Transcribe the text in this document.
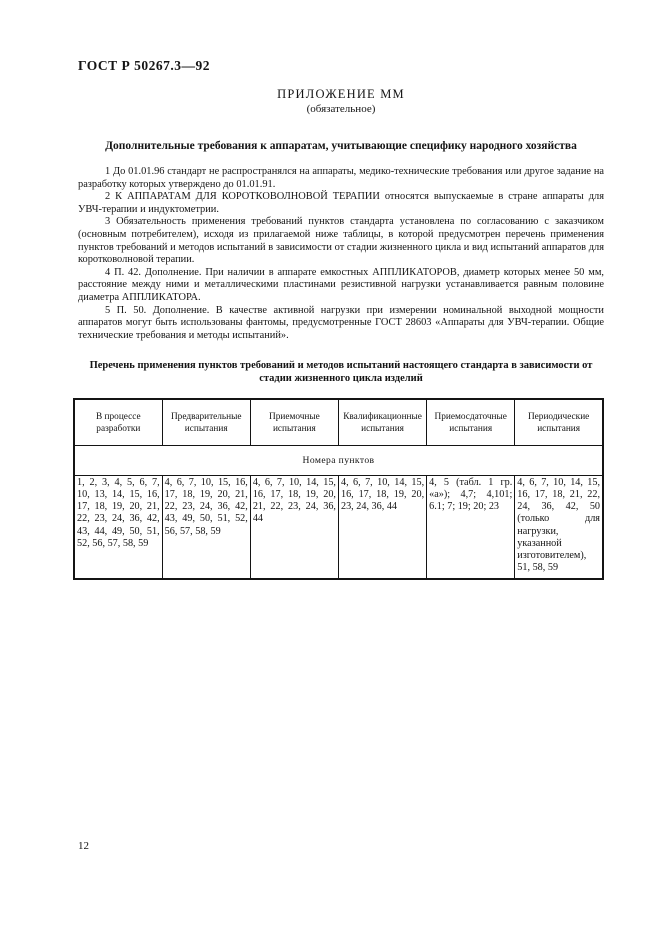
ГОСТ Р 50267.3—92
ПРИЛОЖЕНИЕ ММ
(обязательное)
Дополнительные требования к аппаратам, учитывающие специфику народного хозяйства

1 До 01.01.96 стандарт не распространялся на аппараты, медико-технические требования или другое задание на разработку которых утверждено до 01.01.91.

2 К АППАРАТАМ ДЛЯ КОРОТКОВОЛНОВОЙ ТЕРАПИИ относятся выпускаемые в стране аппараты для УВЧ-терапии и индуктометрии.

3 Обязательность применения требований пунктов стандарта установлена по согласованию с заказчиком (основным потребителем), исходя из прилагаемой ниже таблицы, в которой предусмотрен перечень применения пунктов требований и методов испытаний в зависимости от стадии жизненного цикла и вид испытаний аппаратов для коротковолновой терапии.

4 П. 42. Дополнение. При наличии в аппарате емкостных АППЛИКАТОРОВ, диаметр которых менее 50 мм, расстояние между ними и металлическими пластинами резистивной нагрузки устанавливается равным половине диаметра АППЛИКАТОРА.

5 П. 50. Дополнение. В качестве активной нагрузки при измерении номинальной выходной мощности аппаратов могут быть использованы фантомы, предусмотренные ГОСТ 28603 «Аппараты для УВЧ-терапии. Общие технические требования и методы испытаний».

Перечень применения пунктов требований и методов испытаний настоящего стандарта в зависимости от стадии жизненного цикла изделий
В процессе разработки	Предварительные испытания	Приемочные испытания	Квалификационные испытания	Приемосдаточные испытания	Периодические испытания
Номера пунктов					
1, 2, 3, 4, 5, 6, 7, 10, 13, 14, 15, 16, 17, 18, 19, 20, 21, 22, 23, 24, 36, 42, 43, 44, 49, 50, 51, 52, 56, 57, 58, 59	4, 6, 7, 10, 15, 16, 17, 18, 19, 20, 21, 22, 23, 24, 36, 42, 43, 49, 50, 51, 52, 56, 57, 58, 59	4, 6, 7, 10, 14, 15, 16, 17, 18, 19, 20, 21, 22, 23, 24, 36, 44	4, 6, 7, 10, 14, 15, 16, 17, 18, 19, 20, 23, 24, 36, 44	4, 5 (табл. 1 гр. «а»); 4,7; 4,101; 6.1; 7; 19; 20; 23	4, 6, 7, 10, 14, 15, 16, 17, 18, 21, 22, 24, 36, 42, 50 (только для нагрузки, указанной изготовителем), 51, 58, 59
12
